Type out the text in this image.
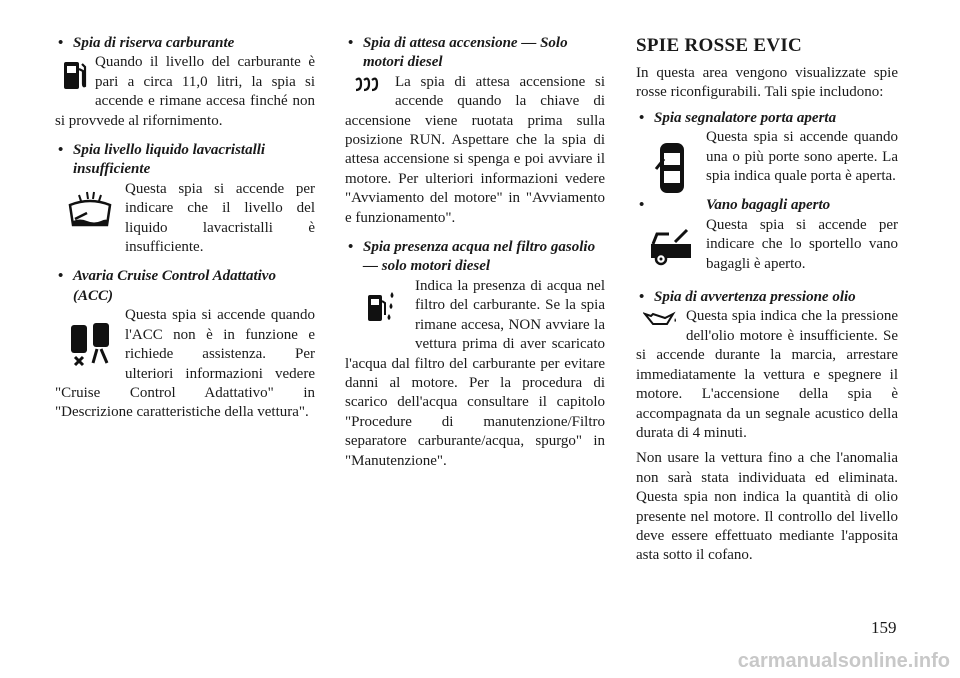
• Spia di riserva carburante

Quando il livello del carburante è pari a circa 11,0 litri, la spia si accende e rimane accesa finché non si provvede al rifornimento.

• Spia livello liquido lavacristalli insufficiente

Questa spia si accende per indicare che il livello del liquido lavacristalli è insufficiente.

• Avaria Cruise Control Adattativo (ACC)

Questa spia si accende quando l'ACC non è in funzione e richiede assistenza. Per ulteriori informazioni vedere "Cruise Control Adattativo" in "Descrizione caratteristiche della vettura".

• Spia di attesa accensione — Solo motori diesel

La spia di attesa accensione si accende quando la chiave di accensione viene ruotata prima sulla posizione RUN. Aspettare che la spia di attesa accensione si spenga e poi avviare il motore. Per ulteriori informazioni vedere "Avviamento del motore" in "Avviamento e funzionamento".

• Spia presenza acqua nel filtro gasolio — solo motori diesel

Indica la presenza di acqua nel filtro del carburante. Se la spia rimane accesa, NON avviare la vettura prima di aver scaricato l'acqua dal filtro del carburante per evitare danni al motore. Per la procedura di scarico dell'acqua consultare il capitolo "Procedure di manutenzione/Filtro separatore carburante/acqua, spurgo" in "Manutenzione".

SPIE ROSSE EVIC

In questa area vengono visualizzate spie rosse riconfigurabili. Tali spie includono:

• Spia segnalatore porta aperta

Questa spia si accende quando una o più porte sono aperte. La spia indica quale porta è aperta.

•	Vano bagagli aperto

Questa spia si accende per indicare che lo sportello vano bagagli è aperto.

• Spia di avvertenza pressione olio

Questa spia indica che la pressione dell'olio motore è insufficiente. Se si accende durante la marcia, arrestare immediatamente la vettura e spegnere il motore. L'accensione della spia è accompagnata da un segnale acustico della durata di 4 minuti.

Non usare la vettura fino a che l'anomalia non sarà stata individuata ed eliminata. Questa spia non indica la quantità di olio presente nel motore. Il controllo del livello deve essere effettuato mediante l'apposita asta sotto il cofano.

159
carmanualsonline.info
